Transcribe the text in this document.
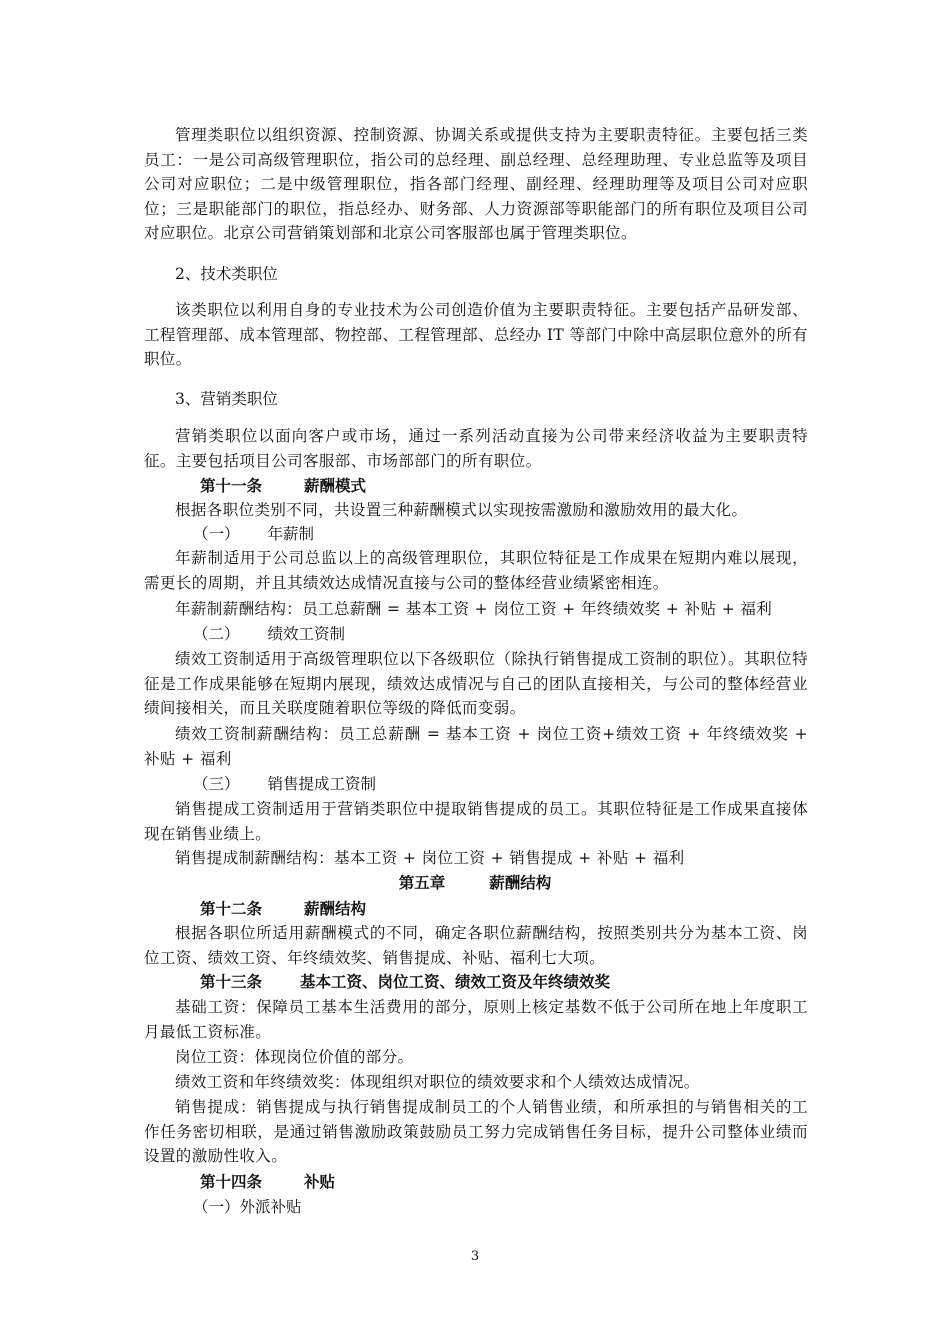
管理类职位以组织资源、控制资源、协调关系或提供支持为主要职责特征。主要包括三类员工：一是公司高级管理职位，指公司的总经理、副总经理、总经理助理、专业总监等及项目公司对应职位；二是中级管理职位，指各部门经理、副经理、经理助理等及项目公司对应职位；三是职能部门的职位，指总经办、财务部、人力资源部等职能部门的所有职位及项目公司对应职位。北京公司营销策划部和北京公司客服部也属于管理类职位。

2、技术类职位

该类职位以利用自身的专业技术为公司创造价值为主要职责特征。主要包括产品研发部、工程管理部、成本管理部、物控部、工程管理部、总经办 IT 等部门中除中高层职位意外的所有职位。

3、营销类职位

营销类职位以面向客户或市场，通过一系列活动直接为公司带来经济收益为主要职责特征。主要包括项目公司客服部、市场部部门的所有职位。

第十一条	薪酬模式

根据各职位类别不同，共设置三种薪酬模式以实现按需激励和激励效用的最大化。

（一） 年薪制

年薪制适用于公司总监以上的高级管理职位，其职位特征是工作成果在短期内难以展现，需更长的周期，并且其绩效达成情况直接与公司的整体经营业绩紧密相连。

年薪制薪酬结构：员工总薪酬 = 基本工资 + 岗位工资 + 年终绩效奖 + 补贴 + 福利

（二） 绩效工资制

绩效工资制适用于高级管理职位以下各级职位（除执行销售提成工资制的职位）。其职位特征是工作成果能够在短期内展现，绩效达成情况与自己的团队直接相关，与公司的整体经营业绩间接相关，而且关联度随着职位等级的降低而变弱。

绩效工资制薪酬结构：员工总薪酬 = 基本工资 + 岗位工资+绩效工资 + 年终绩效奖 + 补贴 + 福利

（三） 销售提成工资制

销售提成工资制适用于营销类职位中提取销售提成的员工。其职位特征是工作成果直接体现在销售业绩上。

销售提成制薪酬结构：基本工资 + 岗位工资 + 销售提成 + 补贴 + 福利

第五章	薪酬结构

第十二条	薪酬结构

根据各职位所适用薪酬模式的不同，确定各职位薪酬结构，按照类别共分为基本工资、岗位工资、绩效工资、年终绩效奖、销售提成、补贴、福利七大项。

第十三条 基本工资、岗位工资、绩效工资及年终绩效奖

基础工资：保障员工基本生活费用的部分，原则上核定基数不低于公司所在地上年度职工月最低工资标准。

岗位工资：体现岗位价值的部分。

绩效工资和年终绩效奖：体现组织对职位的绩效要求和个人绩效达成情况。

销售提成：销售提成与执行销售提成制员工的个人销售业绩，和所承担的与销售相关的工作任务密切相联，是通过销售激励政策鼓励员工努力完成销售任务目标，提升公司整体业绩而设置的激励性收入。

第十四条	补贴

（一）外派补贴

3
